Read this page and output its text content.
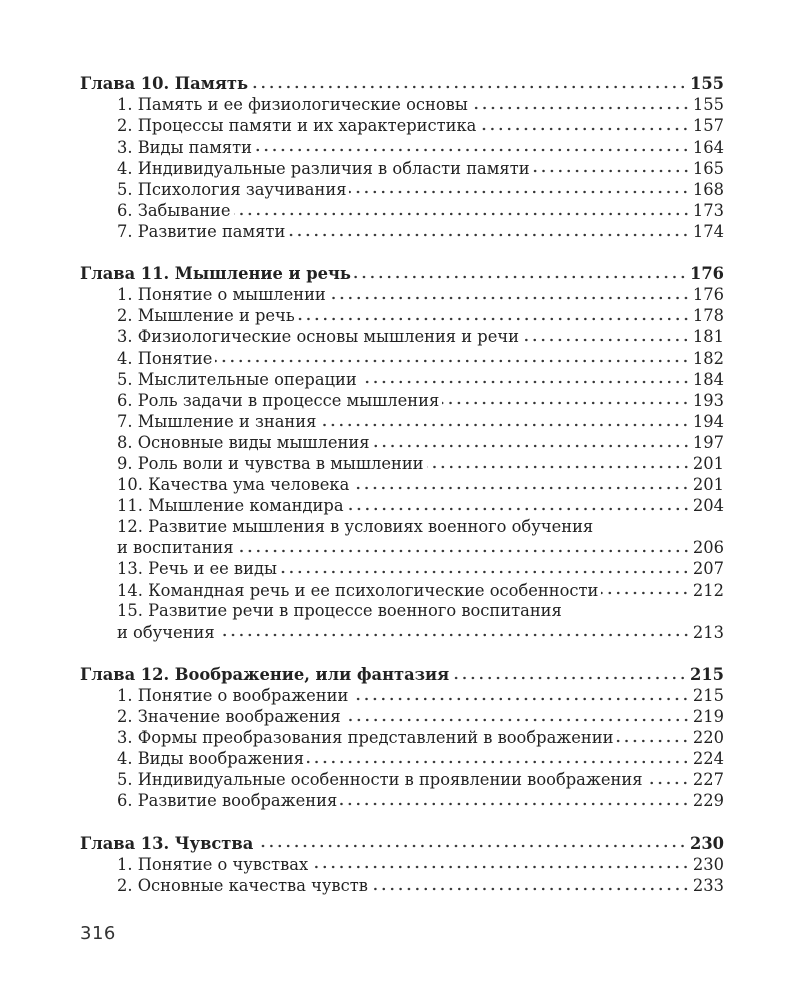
Глава 10. Память	155
1. Память и ее физиологические основы	155
2. Процессы памяти и их характеристика	157
3. Виды памяти	164
4. Индивидуальные различия в области памяти	165
5. Психология заучивания	168
6. Забывание	173
7. Развитие памяти	174
Глава 11. Мышление и речь	176
1. Понятие о мышлении	176
2. Мышление и речь	178
3. Физиологические основы мышления и речи	181
4. Понятие	182
5. Мыслительные операции	184
6. Роль задачи в процессе мышления	193
7. Мышление и знания	194
8. Основные виды мышления	197
9. Роль воли и чувства в мышлении	201
10. Качества ума человека	201
11. Мышление командира	204
12. Развитие мышления в условиях военного обучения
и воспитания	206
13. Речь и ее виды	207
14. Командная речь и ее психологические особенности	212
15. Развитие речи в процессе военного воспитания
и обучения	213
Глава 12. Воображение, или фантазия	215
1. Понятие о воображении	215
2. Значение воображения	219
3. Формы преобразования представлений в воображении	220
4. Виды воображения	224
5. Индивидуальные особенности в проявлении воображения	227
6. Развитие воображения	229
Глава 13. Чувства	230
1. Понятие о чувствах	230
2. Основные качества чувств	233
316
